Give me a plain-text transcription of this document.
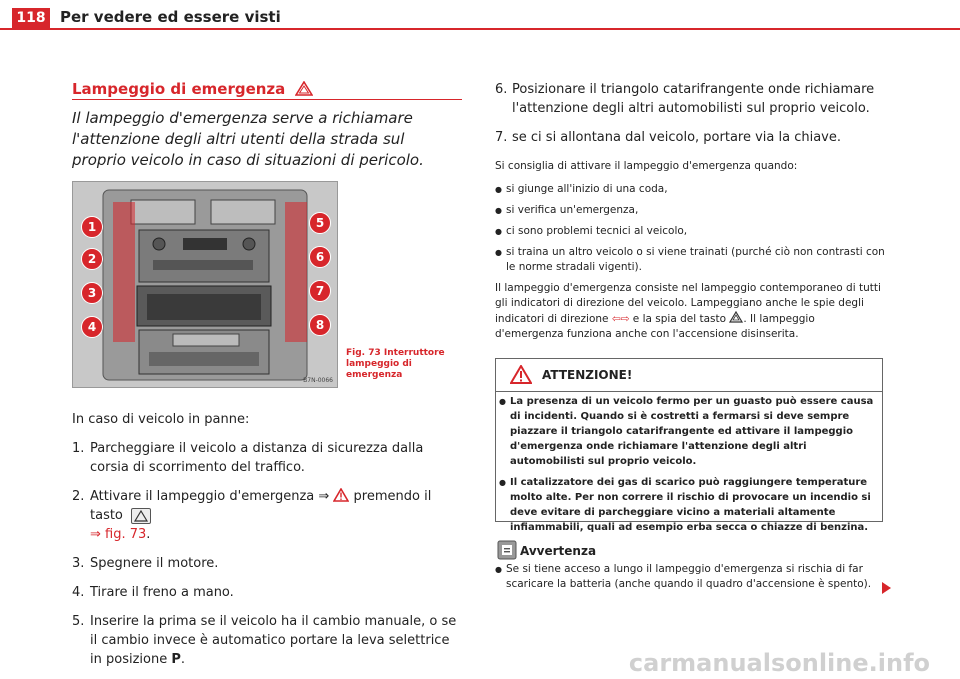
118 Per vedere ed essere visti
Lampeggio di emergenza
Il lampeggio d'emergenza serve a richiamare l'attenzione degli altri utenti della strada sul proprio veicolo in caso di situazioni di pericolo.
1
2
3
4
5
6
7
8
B7N-0066
Fig. 73 Interruttore
lampeggio di emergenza

In caso di veicolo in panne:

1. Parcheggiare il veicolo a distanza di sicurezza dalla corsia di scorrimento del traffico.
2. Attivare il lampeggio d'emergenza ⇒  premendo il tasto
⇒ fig. 73.
3. Spegnere il motore.
4. Tirare il freno a mano.
5. Inserire la prima se il veicolo ha il cambio manuale, o se il cambio invece è automatico portare la leva selettrice in posizione P.
6. Posizionare il triangolo catarifrangente onde richiamare l'attenzione degli altri automobilisti sul proprio veicolo.
7. se ci si allontana dal veicolo, portare via la chiave.

Si consiglia di attivare il lampeggio d'emergenza quando:

● si giunge all'inizio di una coda,
● si verifica un'emergenza,
● ci sono problemi tecnici al veicolo,
● si traina un altro veicolo o si viene trainati (purché ciò non contrasti con le norme stradali vigenti).

Il lampeggio d'emergenza consiste nel lampeggio contemporaneo di tutti gli indicatori di direzione del veicolo. Lampeggiano anche le spie degli indicatori di direzione ⇦⇨ e la spia del tasto . Il lampeggio d'emergenza funziona anche con l'accensione disinserita.

ATTENZIONE!
● La presenza di un veicolo fermo per un guasto può essere causa di incidenti. Quando si è costretti a fermarsi si deve sempre piazzare il triangolo catarifrangente ed attivare il lampeggio d'emergenza onde richiamare l'attenzione degli altri automobilisti sul proprio veicolo.
● Il catalizzatore dei gas di scarico può raggiungere temperature molto alte. Per non correre il rischio di provocare un incendio si deve evitare di parcheggiare vicino a materiali altamente infiammabili, quali ad esempio erba secca o chiazze di benzina.
Avvertenza
● Se si tiene acceso a lungo il lampeggio d'emergenza si rischia di far scaricare la batteria (anche quando il quadro d'accensione è spento).
carmanualsonline.info
